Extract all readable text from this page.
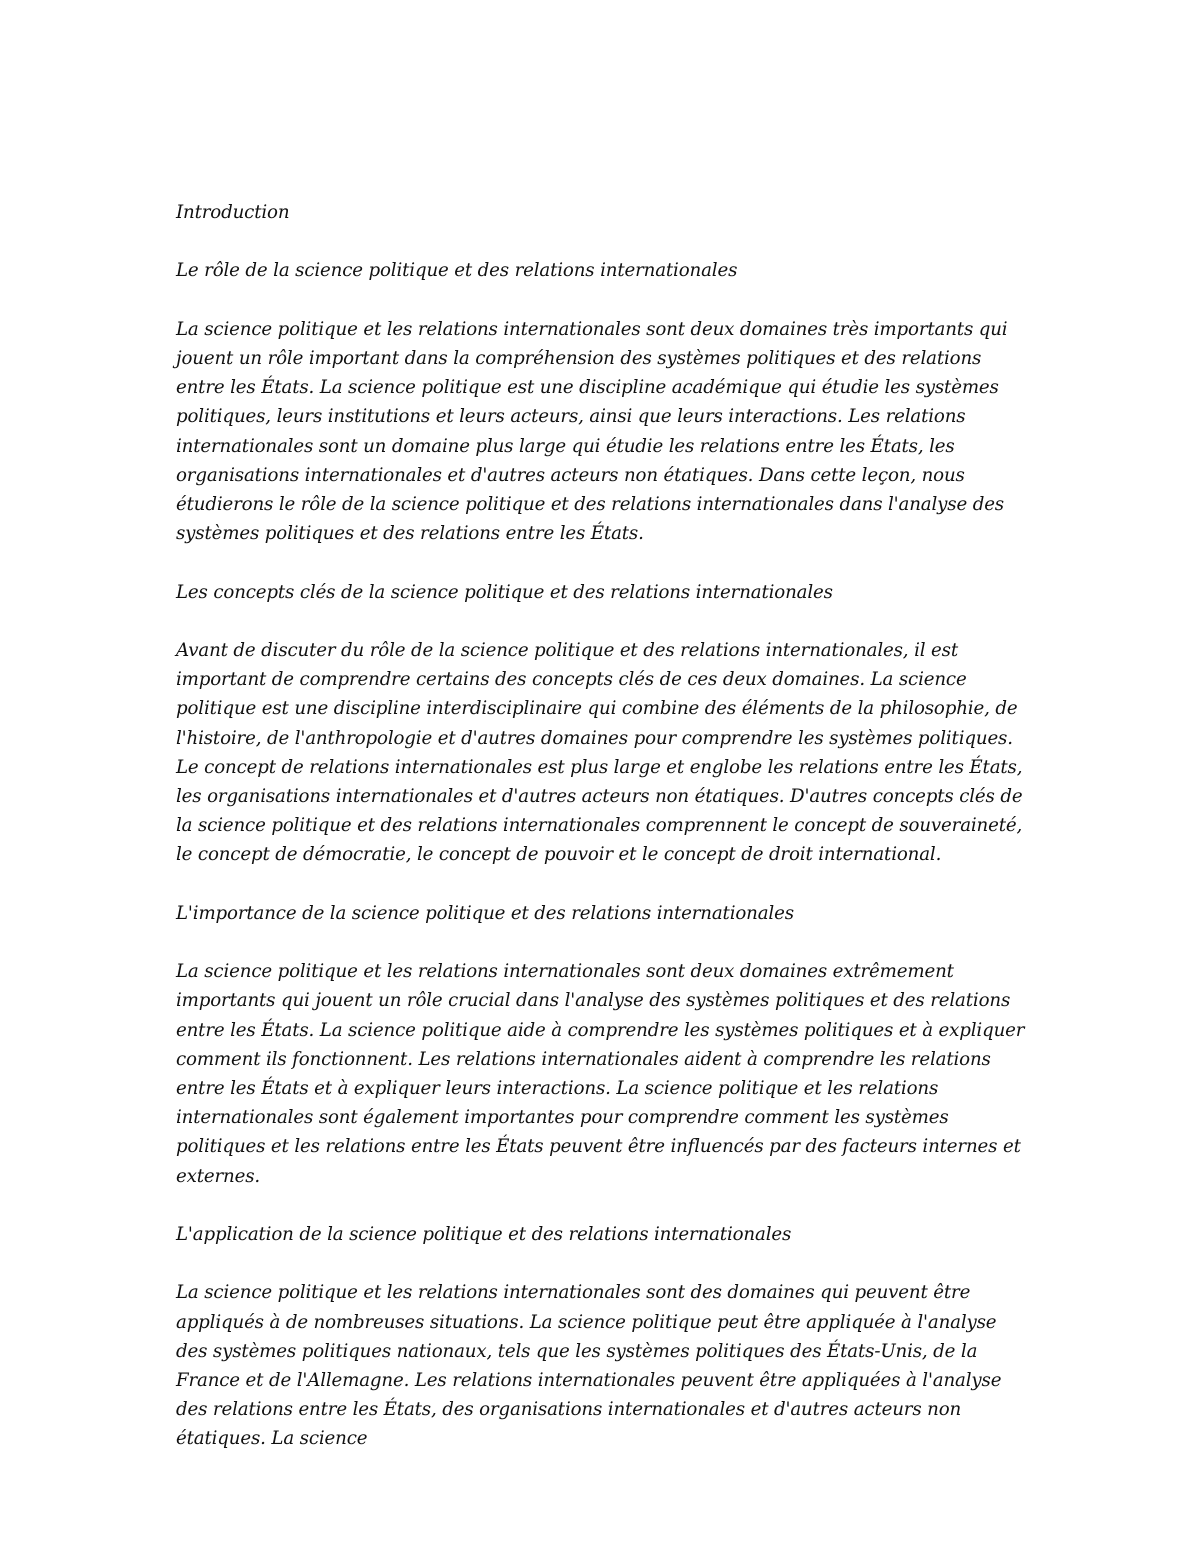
Introduction

Le rôle de la science politique et des relations internationales

La science politique et les relations internationales sont deux domaines très importants qui jouent un rôle important dans la compréhension des systèmes politiques et des relations entre les États. La science politique est une discipline académique qui étudie les systèmes politiques, leurs institutions et leurs acteurs, ainsi que leurs interactions. Les relations internationales sont un domaine plus large qui étudie les relations entre les États, les organisations internationales et d'autres acteurs non étatiques. Dans cette leçon, nous étudierons le rôle de la science politique et des relations internationales dans l'analyse des systèmes politiques et des relations entre les États.

Les concepts clés de la science politique et des relations internationales

Avant de discuter du rôle de la science politique et des relations internationales, il est important de comprendre certains des concepts clés de ces deux domaines. La science politique est une discipline interdisciplinaire qui combine des éléments de la philosophie, de l'histoire, de l'anthropologie et d'autres domaines pour comprendre les systèmes politiques. Le concept de relations internationales est plus large et englobe les relations entre les États, les organisations internationales et d'autres acteurs non étatiques. D'autres concepts clés de la science politique et des relations internationales comprennent le concept de souveraineté, le concept de démocratie, le concept de pouvoir et le concept de droit international.

L'importance de la science politique et des relations internationales

La science politique et les relations internationales sont deux domaines extrêmement importants qui jouent un rôle crucial dans l'analyse des systèmes politiques et des relations entre les États. La science politique aide à comprendre les systèmes politiques et à expliquer comment ils fonctionnent. Les relations internationales aident à comprendre les relations entre les États et à expliquer leurs interactions. La science politique et les relations internationales sont également importantes pour comprendre comment les systèmes politiques et les relations entre les États peuvent être influencés par des facteurs internes et externes.

L'application de la science politique et des relations internationales

La science politique et les relations internationales sont des domaines qui peuvent être appliqués à de nombreuses situations. La science politique peut être appliquée à l'analyse des systèmes politiques nationaux, tels que les systèmes politiques des États-Unis, de la France et de l'Allemagne. Les relations internationales peuvent être appliquées à l'analyse des relations entre les États, des organisations internationales et d'autres acteurs non étatiques. La science
